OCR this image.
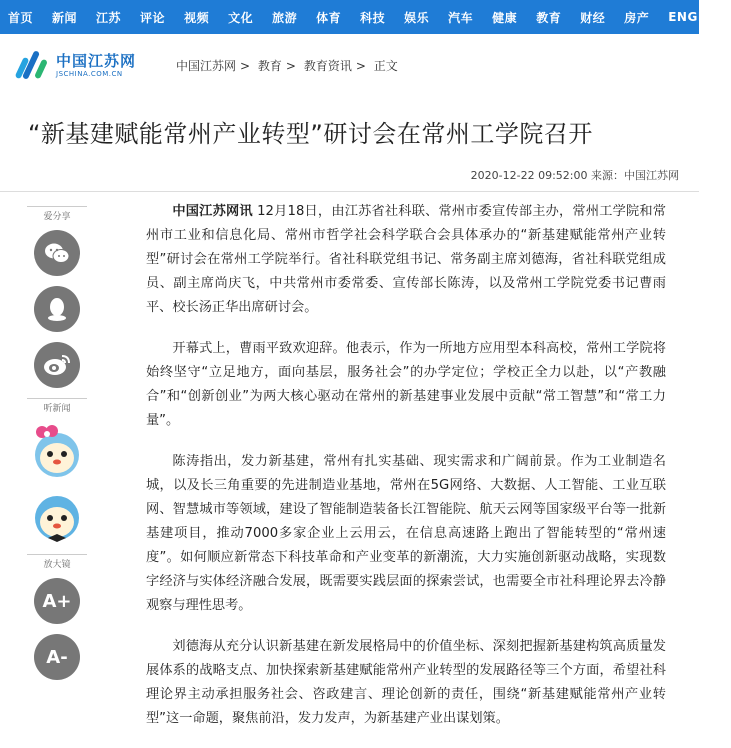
首页 新闻 江苏 评论 视频 文化 旅游 体育 科技 娱乐 汽车 健康 教育 财经 房产 ENGLISH
中国江苏网
JSCHINA.COM.CN
中国江苏网 > 教育 > 教育资讯 > 正文
“新基建赋能常州产业转型”研讨会在常州工学院召开
2020-12-22 09:52:00 来源：中国江苏网
爱分享
听新闻
放大镜
A+
A-

中国江苏网讯 12月18日，由江苏省社科联、常州市委宣传部主办，常州工学院和常州市工业和信息化局、常州市哲学社会科学联合会具体承办的“新基建赋能常州产业转型”研讨会在常州工学院举行。省社科联党组书记、常务副主席刘德海，省社科联党组成员、副主席尚庆飞，中共常州市委常委、宣传部长陈涛，以及常州工学院党委书记曹雨平、校长汤正华出席研讨会。

开幕式上，曹雨平致欢迎辞。他表示，作为一所地方应用型本科高校，常州工学院将始终坚守“立足地方，面向基层，服务社会”的办学定位；学校正全力以赴，以“产教融合”和“创新创业”为两大核心驱动在常州的新基建事业发展中贡献“常工智慧”和“常工力量”。

陈涛指出，发力新基建，常州有扎实基础、现实需求和广阔前景。作为工业制造名城，以及长三角重要的先进制造业基地，常州在5G网络、大数据、人工智能、工业互联网、智慧城市等领域，建设了智能制造装备长江智能院、航天云网等国家级平台等一批新基建项目，推动7000多家企业上云用云，在信息高速路上跑出了智能转型的“常州速度”。如何顺应新常态下科技革命和产业变革的新潮流，大力实施创新驱动战略，实现数字经济与实体经济融合发展，既需要实践层面的探索尝试，也需要全市社科理论界去冷静观察与理性思考。

刘德海从充分认识新基建在新发展格局中的价值坐标、深刻把握新基建构筑高质量发展体系的战略支点、加快探索新基建赋能常州产业转型的发展路径等三个方面，希望社科理论界主动承担服务社会、咨政建言、理论创新的责任，围绕“新基建赋能常州产业转型”这一命题，聚焦前沿，发力发声，为新基建产业出谋划策。
